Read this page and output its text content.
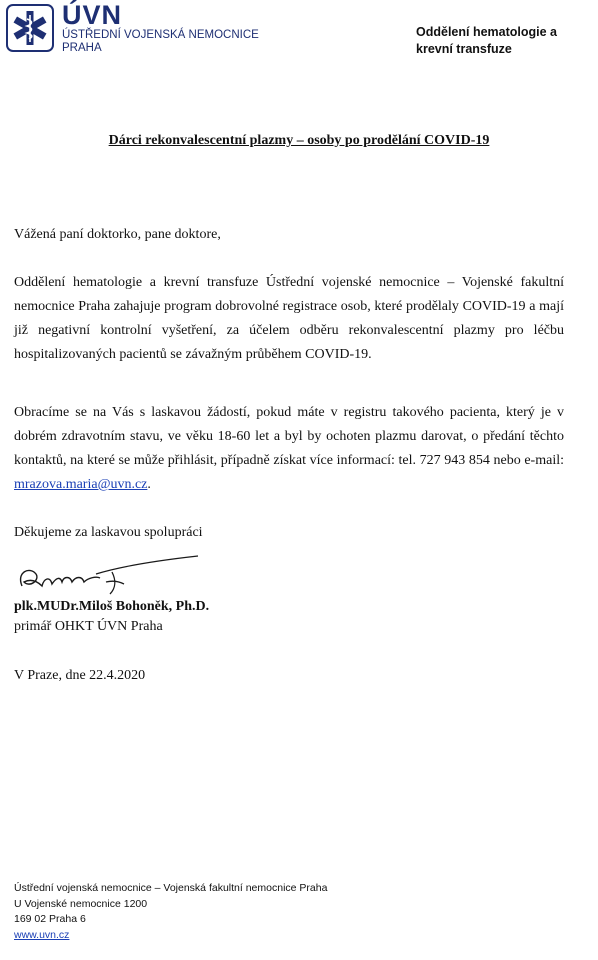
ÚVN
ÚSTŘEDNÍ VOJENSKÁ NEMOCNICE
PRAHA
Oddělení hematologie a
krevní transfuze
Dárci rekonvalescentní plazmy – osoby po prodělání COVID-19
Vážená paní doktorko, pane doktore,
Oddělení hematologie a krevní transfuze Ústřední vojenské nemocnice – Vojenské fakultní nemocnice Praha zahajuje program dobrovolné registrace osob, které prodělaly COVID-19 a mají již negativní kontrolní vyšetření, za účelem odběru rekonvalescentní plazmy pro léčbu hospitalizovaných pacientů se závažným průběhem COVID-19.
Obracíme se na Vás s laskavou žádostí, pokud máte v registru takového pacienta, který je v dobrém zdravotním stavu, ve věku 18-60 let a byl by ochoten plazmu darovat, o předání těchto kontaktů, na které se může přihlásit, případně získat více informací: tel. 727 943 854 nebo e-mail: mrazova.maria@uvn.cz.
Děkujeme za laskavou spolupráci
plk.MUDr.Miloš Bohoněk, Ph.D.
primář OHKT ÚVN Praha
V Praze, dne 22.4.2020
Ústřední vojenská nemocnice – Vojenská fakultní nemocnice Praha
U Vojenské nemocnice 1200
169 02 Praha 6
www.uvn.cz
